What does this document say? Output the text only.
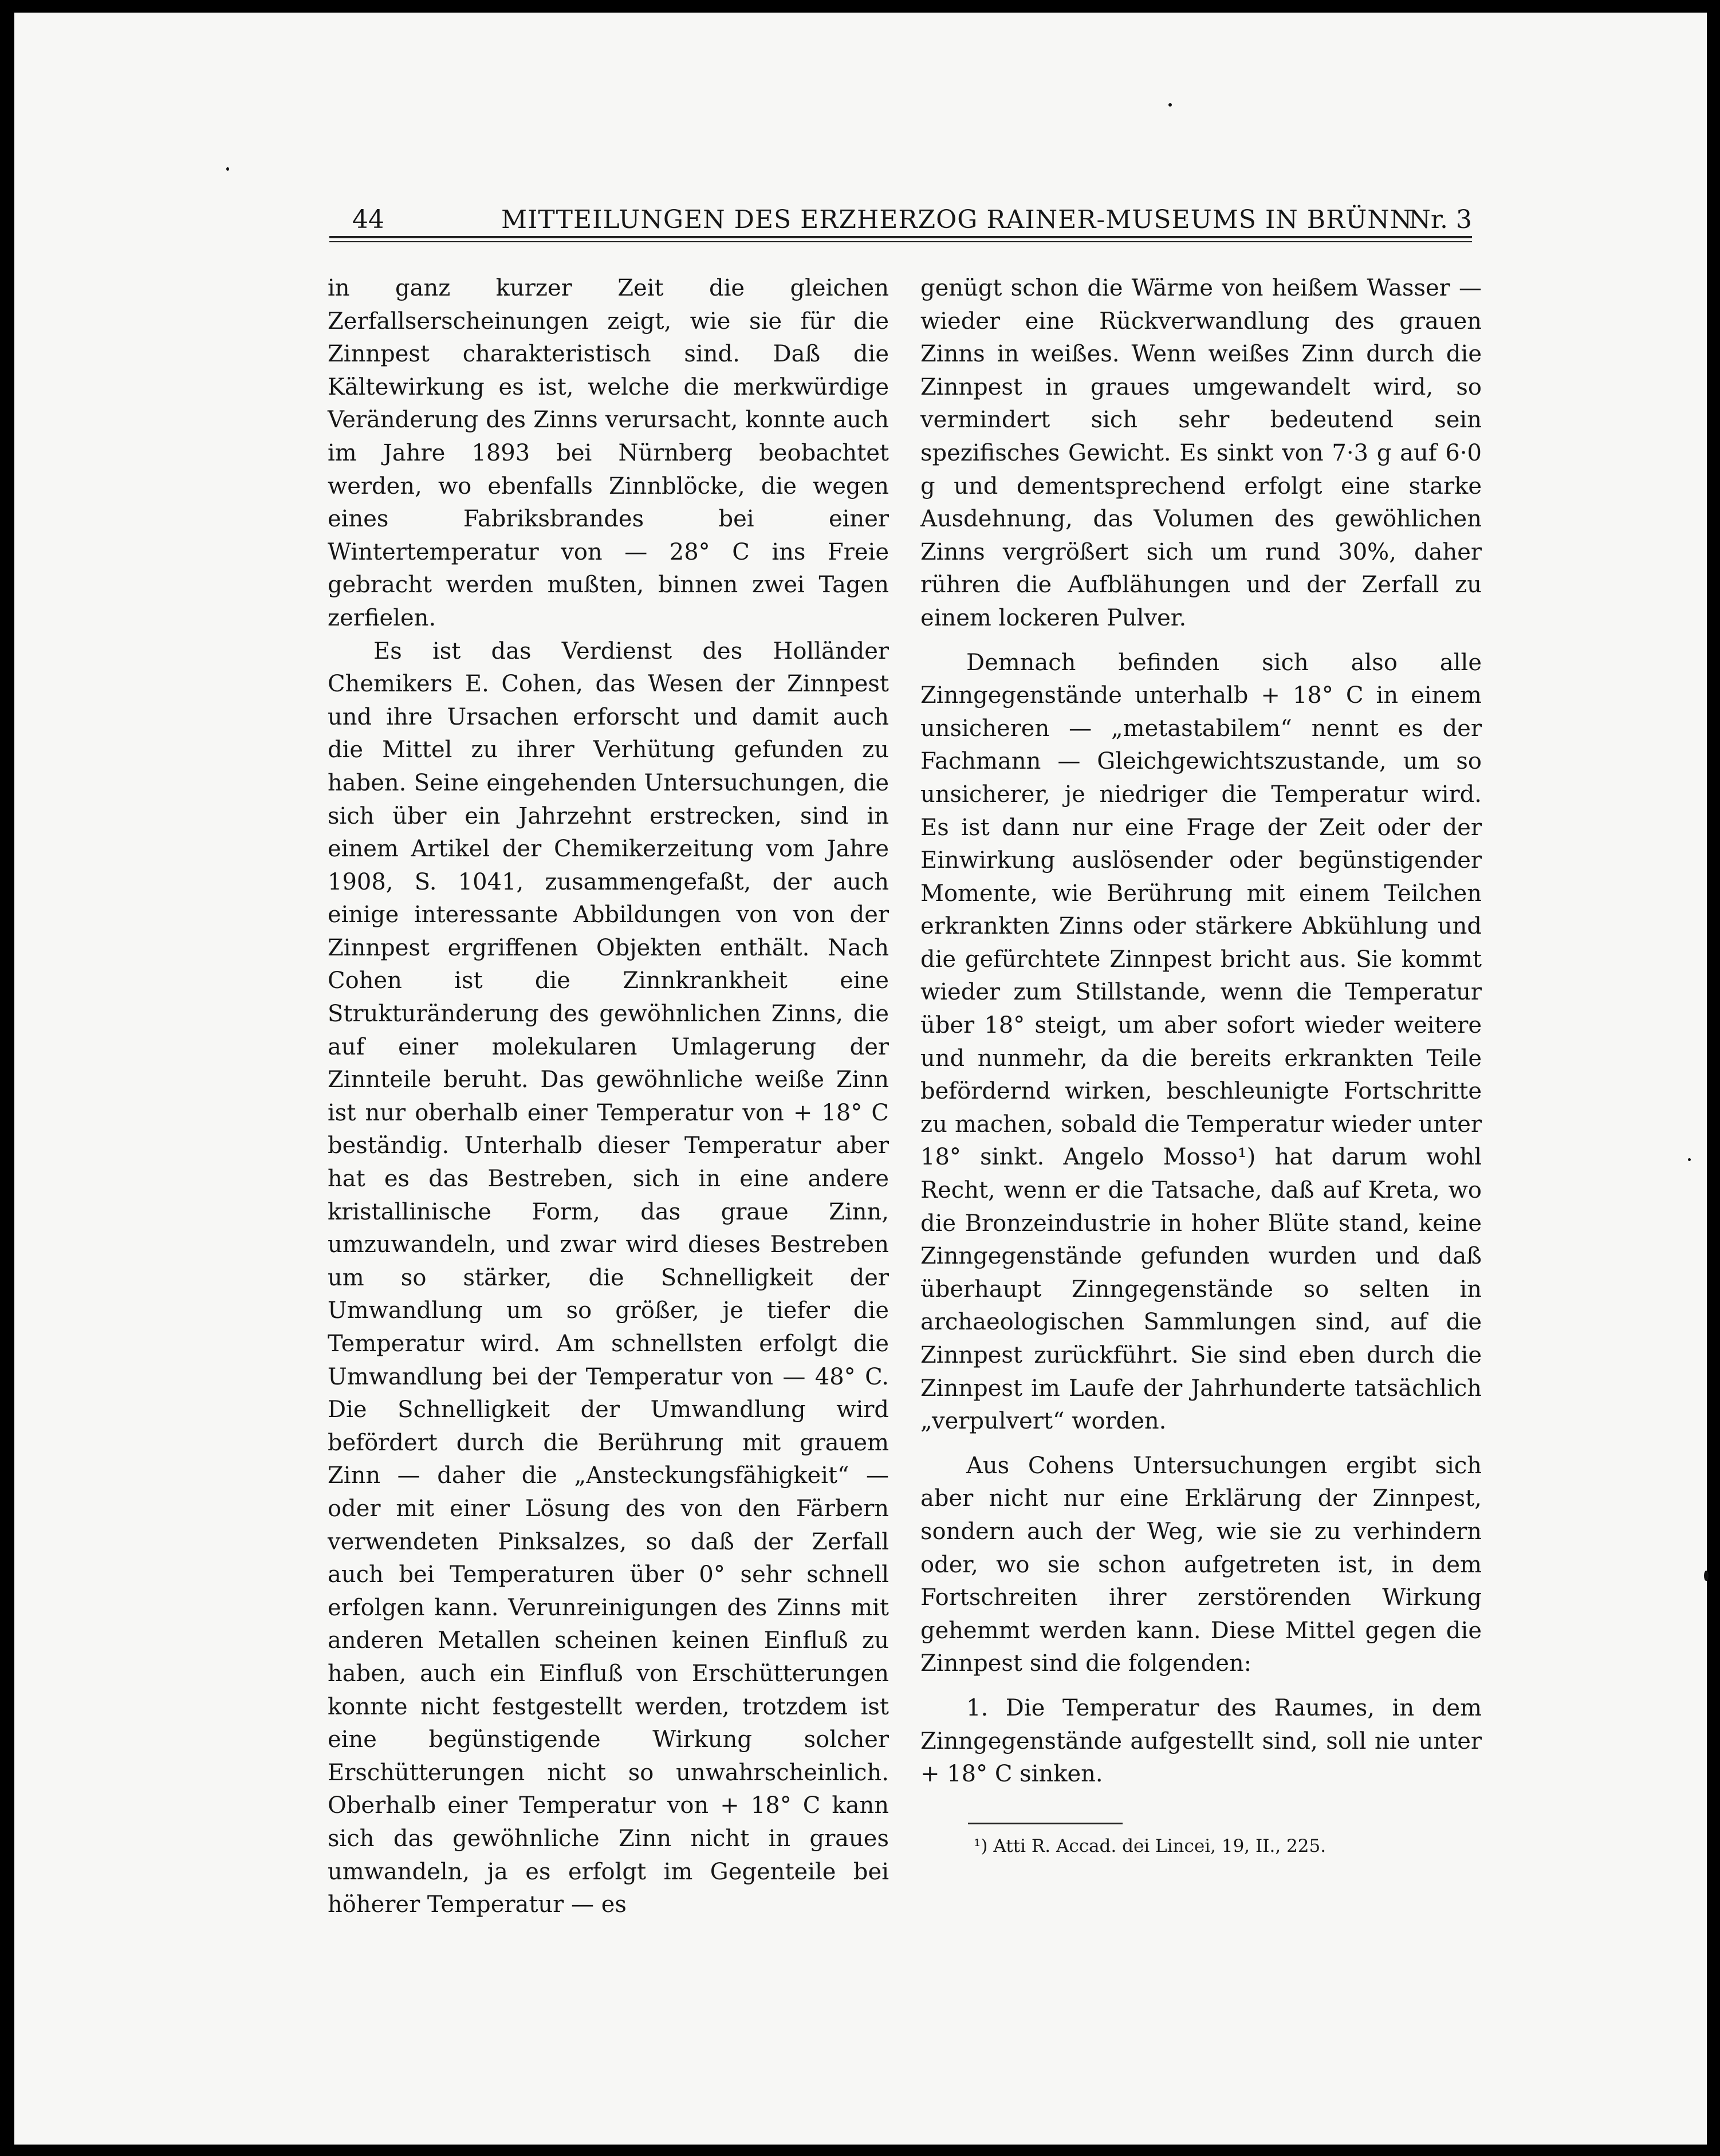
44	MITTEILUNGEN DES ERZHERZOG RAINER-MUSEUMS IN BRÜNN
Nr. 3

in ganz kurzer Zeit die gleichen Zerfallserscheinungen zeigt, wie sie für die Zinnpest charakteristisch sind. Daß die Kältewirkung es ist, welche die merkwürdige Veränderung des Zinns verursacht, konnte auch im Jahre 1893 bei Nürnberg beobachtet werden, wo ebenfalls Zinnblöcke, die wegen eines Fabriksbrandes bei einer Wintertemperatur von — 28° C ins Freie gebracht werden mußten, binnen zwei Tagen zerfielen.

Es ist das Verdienst des Holländer Chemikers E. Cohen, das Wesen der Zinnpest und ihre Ursachen erforscht und damit auch die Mittel zu ihrer Verhütung gefunden zu haben. Seine eingehenden Untersuchungen, die sich über ein Jahrzehnt erstrecken, sind in einem Artikel der Chemikerzeitung vom Jahre 1908, S. 1041, zusammengefaßt, der auch einige interessante Abbildungen von von der Zinnpest ergriffenen Objekten enthält. Nach Cohen ist die Zinnkrankheit eine Strukturänderung des gewöhnlichen Zinns, die auf einer molekularen Umlagerung der Zinnteile beruht. Das gewöhnliche weiße Zinn ist nur oberhalb einer Temperatur von + 18° C beständig. Unterhalb dieser Temperatur aber hat es das Bestreben, sich in eine andere kristallinische Form, das graue Zinn, umzuwandeln, und zwar wird dieses Bestreben um so stärker, die Schnelligkeit der Umwandlung um so größer, je tiefer die Temperatur wird. Am schnellsten erfolgt die Umwandlung bei der Temperatur von — 48° C. Die Schnelligkeit der Umwandlung wird befördert durch die Berührung mit grauem Zinn — daher die „Ansteckungsfähigkeit“ — oder mit einer Lösung des von den Färbern verwendeten Pinksalzes, so daß der Zerfall auch bei Temperaturen über 0° sehr schnell erfolgen kann. Verunreinigungen des Zinns mit anderen Metallen scheinen keinen Einfluß zu haben, auch ein Einfluß von Erschütterungen konnte nicht festgestellt werden, trotzdem ist eine begünstigende Wirkung solcher Erschütterungen nicht so unwahrscheinlich. Oberhalb einer Temperatur von + 18° C kann sich das gewöhnliche Zinn nicht in graues umwandeln, ja es erfolgt im Gegenteile bei höherer Temperatur — es

genügt schon die Wärme von heißem Wasser — wieder eine Rückverwandlung des grauen Zinns in weißes. Wenn weißes Zinn durch die Zinnpest in graues umgewandelt wird, so vermindert sich sehr bedeutend sein spezifisches Gewicht. Es sinkt von 7·3 g auf 6·0 g und dementsprechend erfolgt eine starke Ausdehnung, das Volumen des gewöhlichen Zinns vergrößert sich um rund 30%, daher rühren die Aufblähungen und der Zerfall zu einem lockeren Pulver.

Demnach befinden sich also alle Zinngegenstände unterhalb + 18° C in einem unsicheren — „metastabilem“ nennt es der Fachmann — Gleichgewichtszustande, um so unsicherer, je niedriger die Temperatur wird. Es ist dann nur eine Frage der Zeit oder der Einwirkung auslösender oder begünstigender Momente, wie Berührung mit einem Teilchen erkrankten Zinns oder stärkere Abkühlung und die gefürchtete Zinnpest bricht aus. Sie kommt wieder zum Stillstande, wenn die Temperatur über 18° steigt, um aber sofort wieder weitere und nunmehr, da die bereits erkrankten Teile befördernd wirken, beschleunigte Fortschritte zu machen, sobald die Temperatur wieder unter 18° sinkt. Angelo Mosso¹) hat darum wohl Recht, wenn er die Tatsache, daß auf Kreta, wo die Bronzeindustrie in hoher Blüte stand, keine Zinngegenstände gefunden wurden und daß überhaupt Zinngegenstände so selten in archaeologischen Sammlungen sind, auf die Zinnpest zurückführt. Sie sind eben durch die Zinnpest im Laufe der Jahrhunderte tatsächlich „verpulvert“ worden.

Aus Cohens Untersuchungen ergibt sich aber nicht nur eine Erklärung der Zinnpest, sondern auch der Weg, wie sie zu verhindern oder, wo sie schon aufgetreten ist, in dem Fortschreiten ihrer zerstörenden Wirkung gehemmt werden kann. Diese Mittel gegen die Zinnpest sind die folgenden:

1. Die Temperatur des Raumes, in dem Zinngegenstände aufgestellt sind, soll nie unter + 18° C sinken.

¹) Atti R. Accad. dei Lincei, 19, II., 225.
